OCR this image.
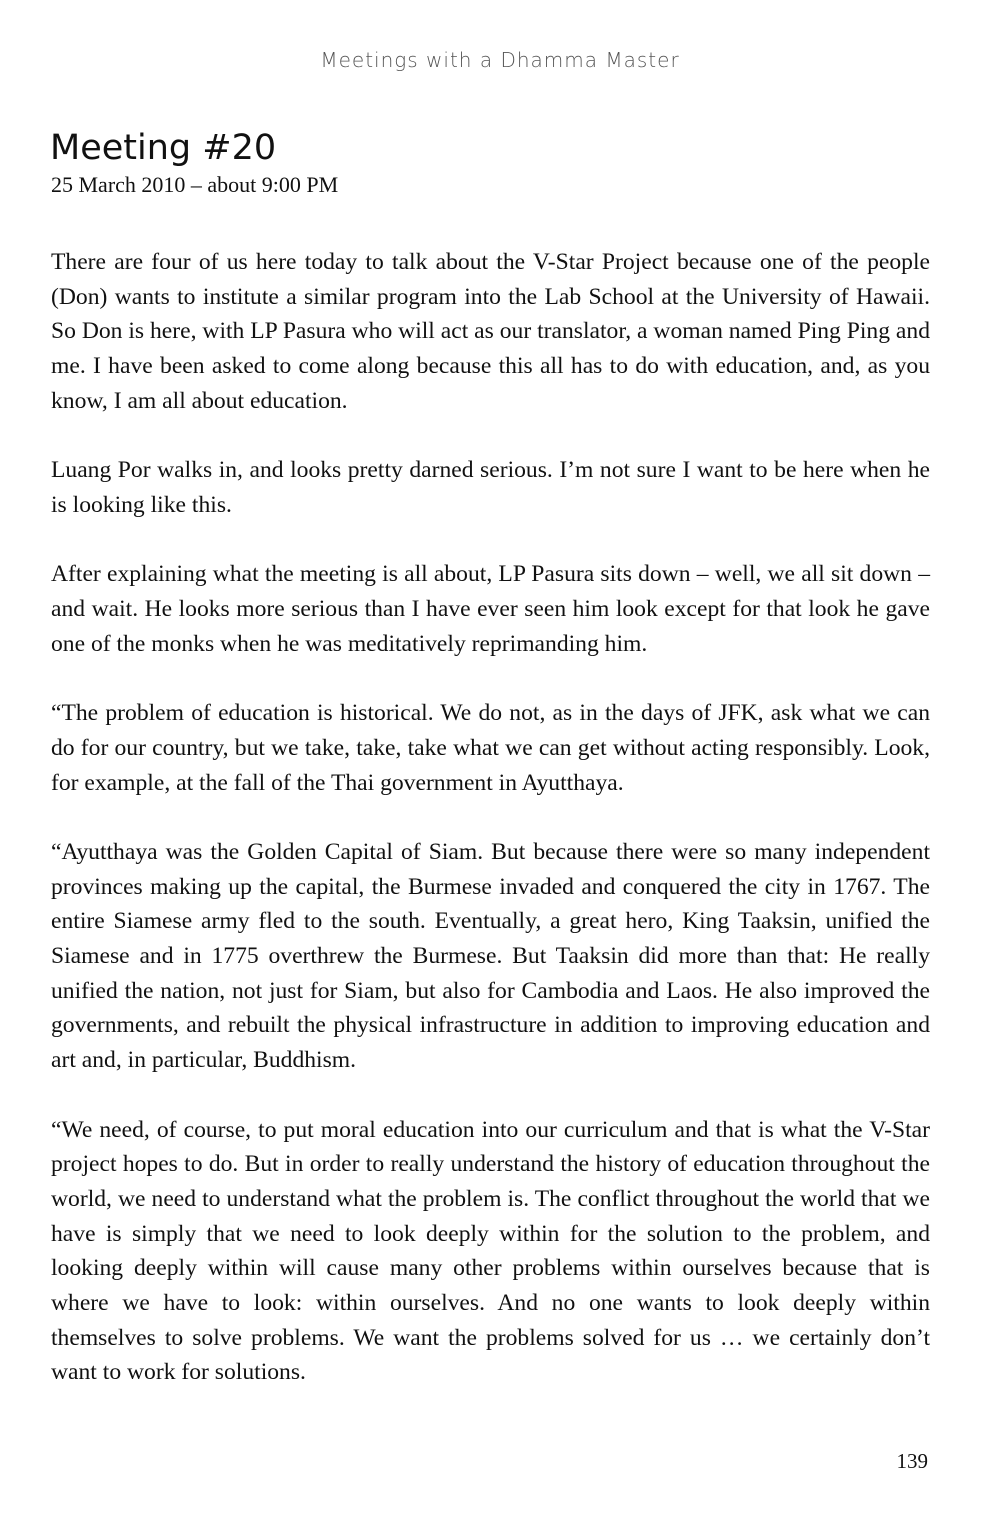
Meetings with a Dhamma Master
Meeting #20
25 March 2010 – about 9:00 PM

There are four of us here today to talk about the V-Star Project because one of the people (Don) wants to institute a similar program into the Lab School at the University of Hawaii. So Don is here, with LP Pasura who will act as our translator, a woman named Ping Ping and me. I have been asked to come along because this all has to do with education, and, as you know, I am all about education.

Luang Por walks in, and looks pretty darned serious. I’m not sure I want to be here when he is looking like this.

After explaining what the meeting is all about, LP Pasura sits down – well, we all sit down – and wait. He looks more serious than I have ever seen him look except for that look he gave one of the monks when he was meditatively reprimanding him.

“The problem of education is historical. We do not, as in the days of JFK, ask what we can do for our country, but we take, take, take what we can get without acting responsibly. Look, for example, at the fall of the Thai government in Ayutthaya.

“Ayutthaya was the Golden Capital of Siam. But because there were so many independent provinces making up the capital, the Burmese invaded and conquered the city in 1767. The entire Siamese army fled to the south. Eventually, a great hero, King Taaksin, unified the Siamese and in 1775 overthrew the Burmese. But Taaksin did more than that: He really unified the nation, not just for Siam, but also for Cambodia and Laos. He also improved the governments, and rebuilt the physical infrastructure in addition to improving education and art and, in particular, Buddhism.

“We need, of course, to put moral education into our curriculum and that is what the V-Star project hopes to do. But in order to really understand the history of education throughout the world, we need to understand what the problem is. The conflict throughout the world that we have is simply that we need to look deeply within for the solution to the problem, and looking deeply within will cause many other problems within ourselves because that is where we have to look: within ourselves. And no one wants to look deeply within themselves to solve problems. We want the problems solved for us … we certainly don’t want to work for solutions.

139
